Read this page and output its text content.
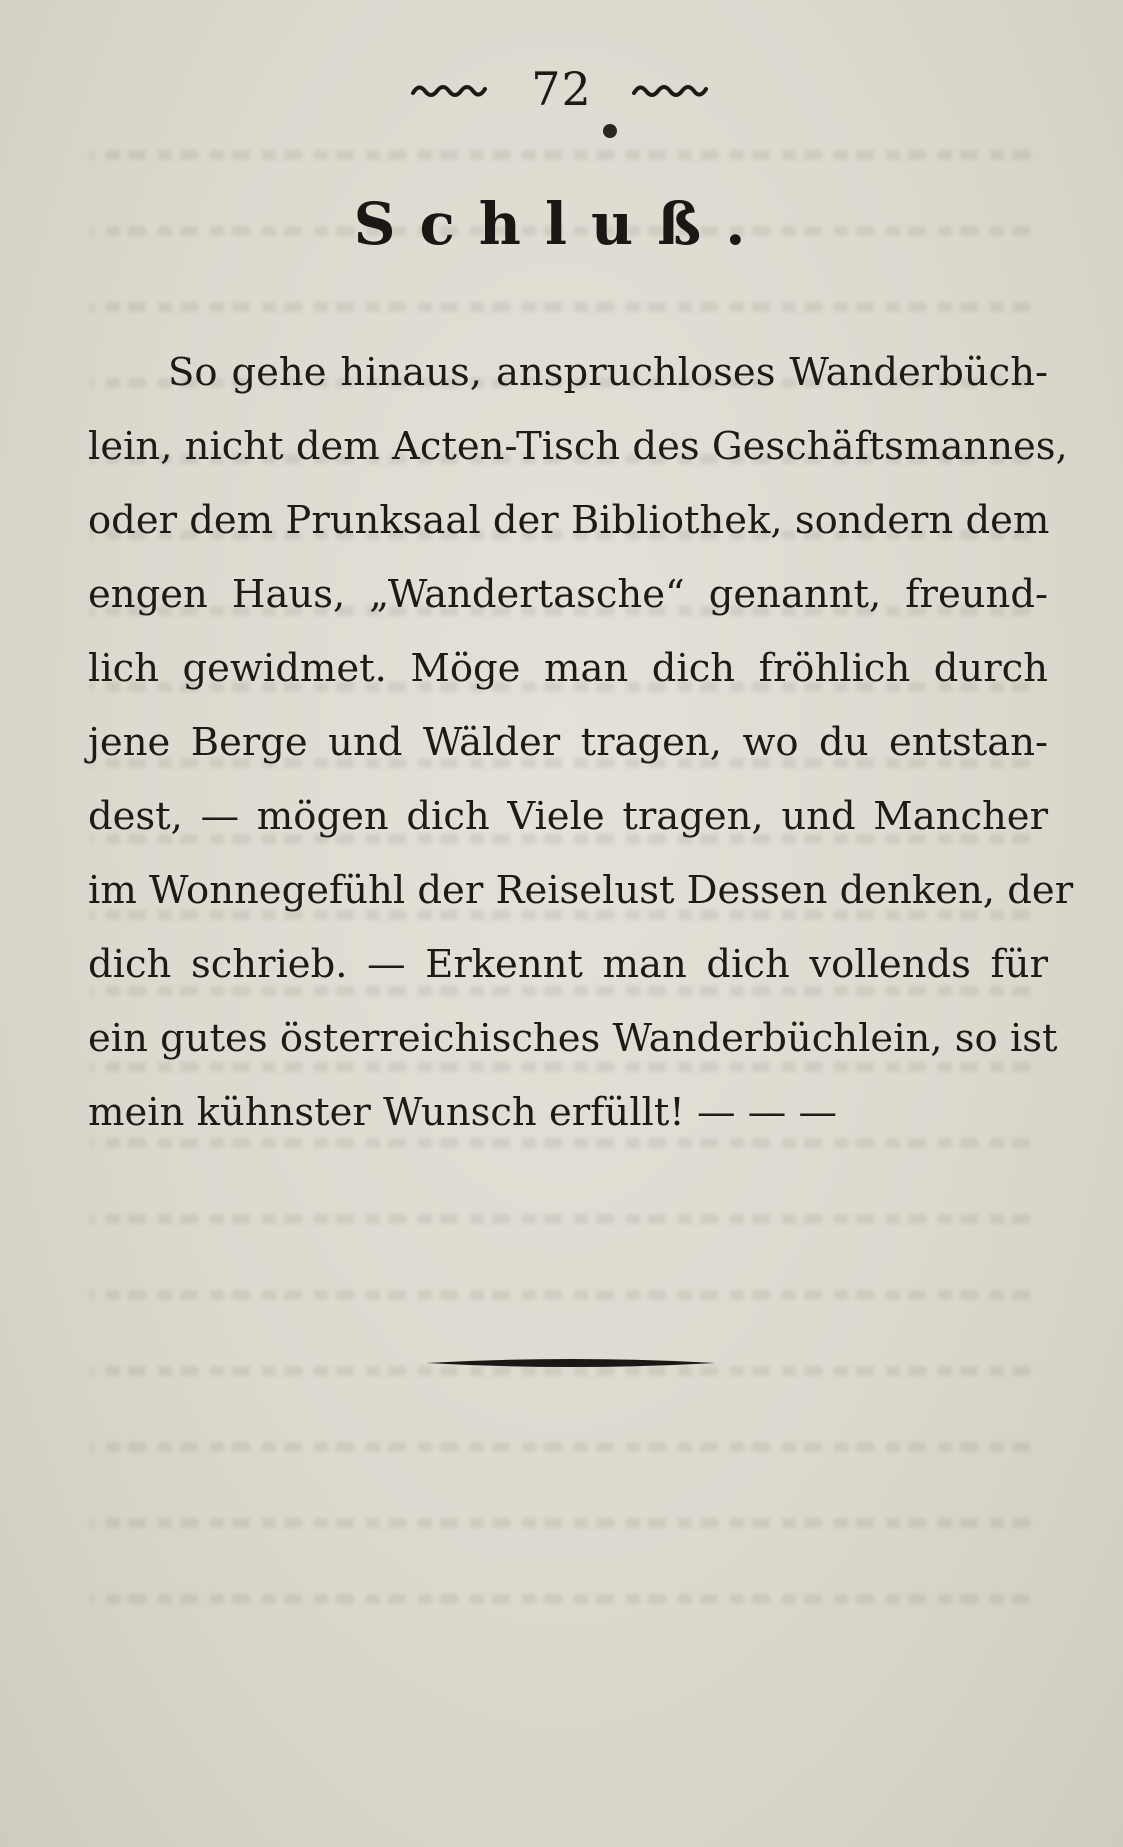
72
Schluß.

So gehe hinaus, anspruchloses Wanderbüch-
lein, nicht dem Acten-Tisch des Geschäftsmannes,
oder dem Prunksaal der Bibliothek, sondern dem
engen Haus, „Wandertasche“ genannt, freund-
lich gewidmet. Möge man dich fröhlich durch
jene Berge und Wälder tragen, wo du entstan-
dest, — mögen dich Viele tragen, und Mancher
im Wonnegefühl der Reiselust Dessen denken, der
dich schrieb. — Erkennt man dich vollends für
ein gutes österreichisches Wanderbüchlein, so ist
mein kühnster Wunsch erfüllt! — — —
